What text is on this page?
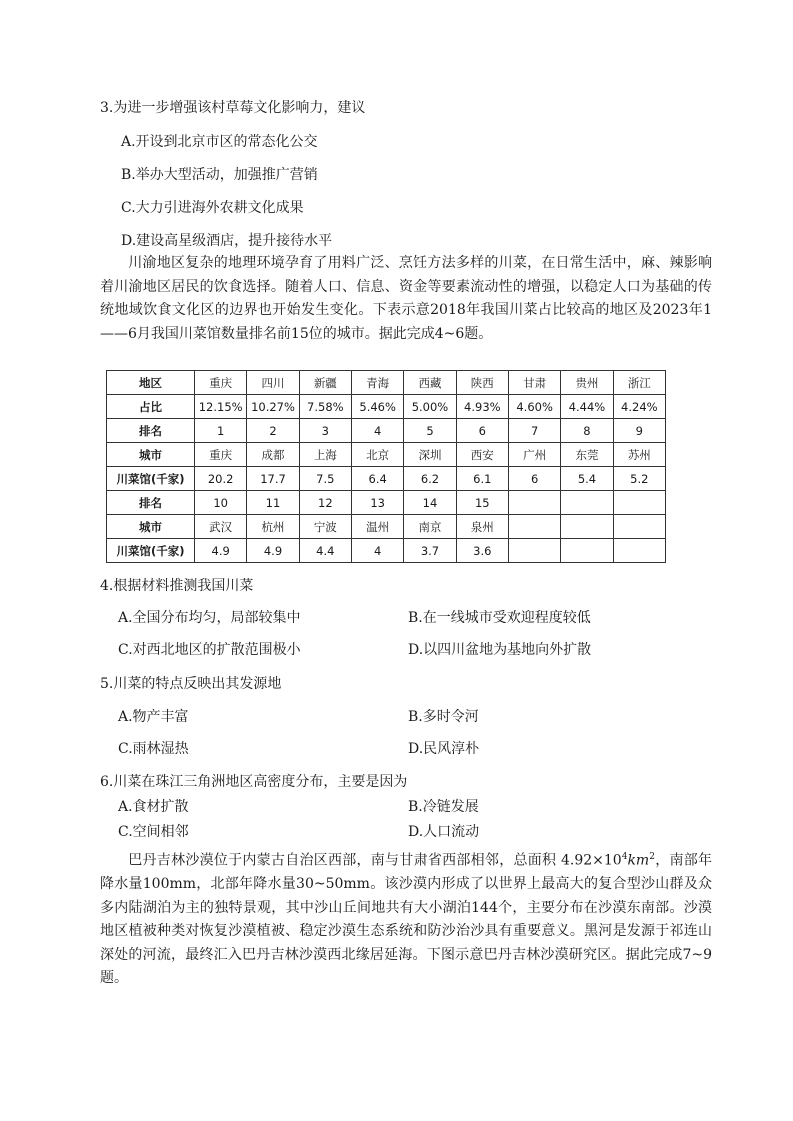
3.为进一步增强该村草莓文化影响力，建议
A.开设到北京市区的常态化公交
B.举办大型活动，加强推广营销
C.大力引进海外农耕文化成果
D.建设高星级酒店，提升接待水平
川渝地区复杂的地理环境孕育了用料广泛、烹饪方法多样的川菜，在日常生活中，麻、辣影响着川渝地区居民的饮食选择。随着人口、信息、资金等要素流动性的增强，以稳定人口为基础的传统地域饮食文化区的边界也开始发生变化。下表示意2018年我国川菜占比较高的地区及2023年1——6月我国川菜馆数量排名前15位的城市。据此完成4~6题。
地区	重庆	四川	新疆	青海	西藏	陕西	甘肃	贵州	浙江
占比	12.15%	10.27%	7.58%	5.46%	5.00%	4.93%	4.60%	4.44%	4.24%
排名	1	2	3	4	5	6	7	8	9
城市	重庆	成都	上海	北京	深圳	西安	广州	东莞	苏州
川菜馆(千家)	20.2	17.7	7.5	6.4	6.2	6.1	6	5.4	5.2
排名	10	11	12	13	14	15			
城市	武汉	杭州	宁波	温州	南京	泉州			
川菜馆(千家)	4.9	4.9	4.4	4	3.7	3.6			
4.根据材料推测我国川菜
A.全国分布均匀，局部较集中	B.在一线城市受欢迎程度较低
C.对西北地区的扩散范围极小	D.以四川盆地为基地向外扩散
5.川菜的特点反映出其发源地
A.物产丰富	B.多时令河
C.雨林湿热	D.民风淳朴
6.川菜在珠江三角洲地区高密度分布，主要是因为
A.食材扩散	B.冷链发展
C.空间相邻	D.人口流动
巴丹吉林沙漠位于内蒙古自治区西部，南与甘肃省西部相邻，总面积 $4.92\times 10^4km^2$，南部年降水量100mm，北部年降水量30~50mm。该沙漠内形成了以世界上最高大的复合型沙山群及众多内陆湖泊为主的独特景观，其中沙山丘间地共有大小湖泊144个，主要分布在沙漠东南部。沙漠地区植被种类对恢复沙漠植被、稳定沙漠生态系统和防沙治沙具有重要意义。黑河是发源于祁连山深处的河流，最终汇入巴丹吉林沙漠西北缘居延海。下图示意巴丹吉林沙漠研究区。据此完成7~9题。
